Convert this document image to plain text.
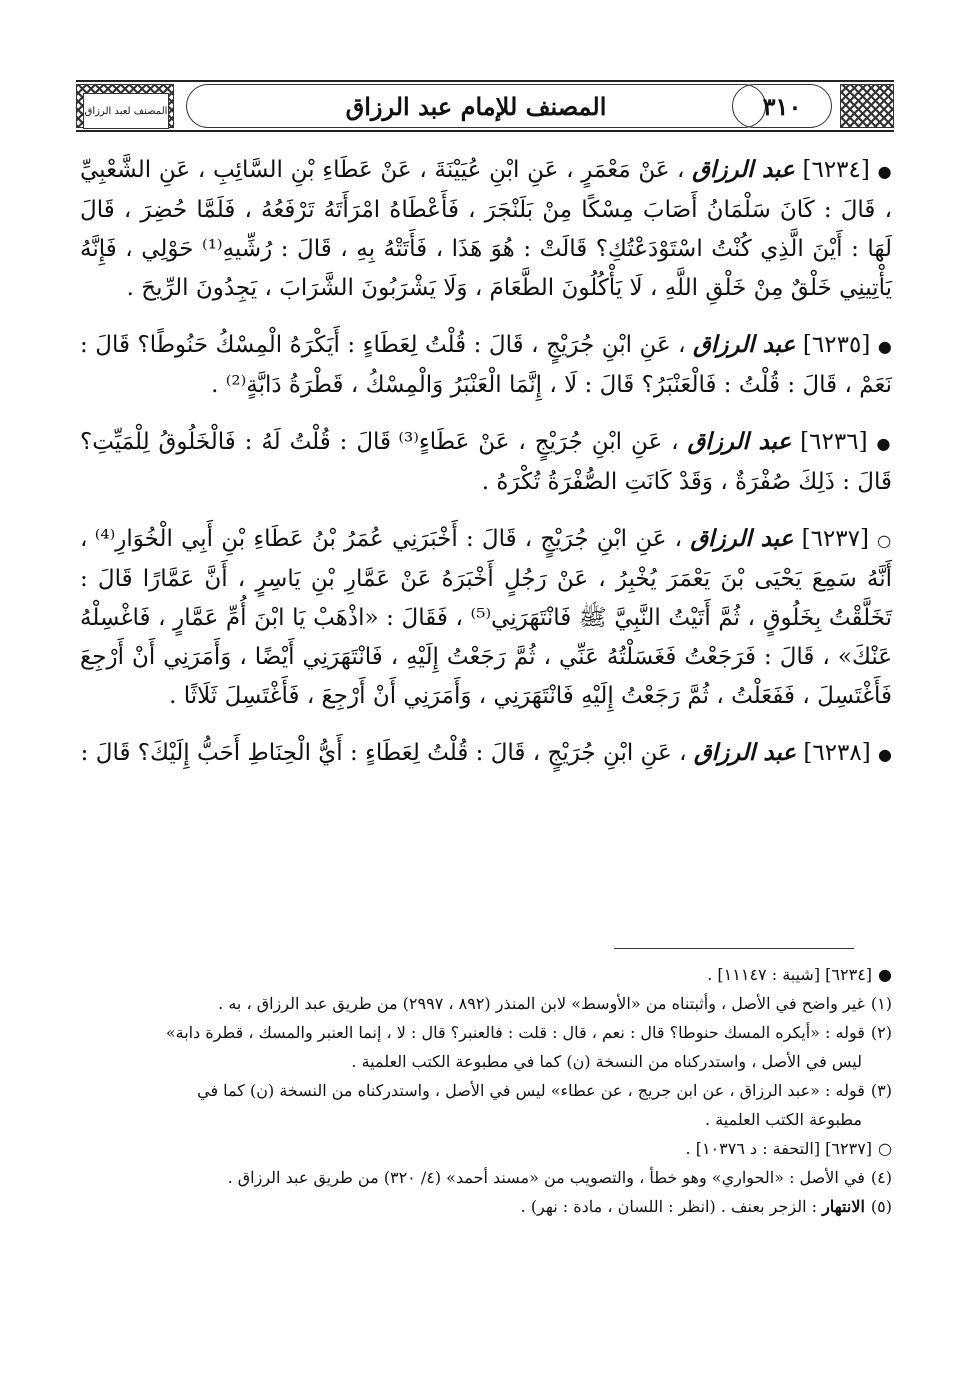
المصنف لعبد الرزاق	المصنف للإمام عبد الرزاق	٣١٠

● [٦٢٣٤] عبد الرزاق ، عَنْ مَعْمَرٍ ، عَنِ ابْنِ عُيَيْنَةَ ، عَنْ عَطَاءِ بْنِ السَّائِبِ ، عَنِ الشَّعْبِيِّ ، قَالَ : كَانَ سَلْمَانُ أَصَابَ مِسْكًا مِنْ بَلَنْجَرَ ، فَأَعْطَاهُ امْرَأَتَهُ تَرْفَعُهُ ، فَلَمَّا حُضِرَ ، قَالَ لَهَا : أَيْنَ الَّذِي كُنْتُ اسْتَوْدَعْتُكِ؟ قَالَتْ : هُوَ هَذَا ، فَأَتَتْهُ بِهِ ، قَالَ : رُشِّيهِ⁽¹⁾ حَوْلِي ، فَإِنَّهُ يَأْتِينِي خَلْقٌ مِنْ خَلْقِ اللَّهِ ، لَا يَأْكُلُونَ الطَّعَامَ ، وَلَا يَشْرَبُونَ الشَّرَابَ ، يَجِدُونَ الرِّيحَ .

● [٦٢٣٥] عبد الرزاق ، عَنِ ابْنِ جُرَيْجٍ ، قَالَ : قُلْتُ لِعَطَاءٍ : أَيَكْرَهُ الْمِسْكُ حَنُوطًا؟ قَالَ : نَعَمْ ، قَالَ : قُلْتُ : فَالْعَنْبَرُ؟ قَالَ : لَا ، إِنَّمَا الْعَنْبَرُ وَالْمِسْكُ ، قَطْرَةُ دَابَّةٍ⁽²⁾ .

● [٦٢٣٦] عبد الرزاق ، عَنِ ابْنِ جُرَيْجٍ ، عَنْ عَطَاءٍ⁽³⁾ قَالَ : قُلْتُ لَهُ : فَالْخَلُوقُ لِلْمَيِّتِ؟ قَالَ : ذَلِكَ صُفْرَةٌ ، وَقَدْ كَانَتِ الصُّفْرَةُ تُكْرَهُ .

○ [٦٢٣٧] عبد الرزاق ، عَنِ ابْنِ جُرَيْجٍ ، قَالَ : أَخْبَرَنِي عُمَرُ بْنُ عَطَاءِ بْنِ أَبِي الْخُوَارِ⁽⁴⁾ ، أَنَّهُ سَمِعَ يَحْيَى بْنَ يَعْمَرَ يُخْبِرُ ، عَنْ رَجُلٍ أَخْبَرَهُ عَنْ عَمَّارِ بْنِ يَاسِرٍ ، أَنَّ عَمَّارًا قَالَ : تَخَلَّقْتُ بِخَلُوقٍ ، ثُمَّ أَتَيْتُ النَّبِيَّ ﷺ فَانْتَهَرَنِي⁽⁵⁾ ، فَقَالَ : «اذْهَبْ يَا ابْنَ أُمِّ عَمَّارٍ ، فَاغْسِلْهُ عَنْكَ» ، قَالَ : فَرَجَعْتُ فَغَسَلْتُهُ عَنِّي ، ثُمَّ رَجَعْتُ إِلَيْهِ ، فَانْتَهَرَنِي أَيْضًا ، وَأَمَرَنِي أَنْ أَرْجِعَ فَأَغْتَسِلَ ، فَفَعَلْتُ ، ثُمَّ رَجَعْتُ إِلَيْهِ فَانْتَهَرَنِي ، وَأَمَرَنِي أَنْ أَرْجِعَ ، فَأَغْتَسِلَ ثَلَاثًا .

● [٦٢٣٨] عبد الرزاق ، عَنِ ابْنِ جُرَيْجٍ ، قَالَ : قُلْتُ لِعَطَاءٍ : أَيُّ الْحِنَاطِ أَحَبُّ إِلَيْكَ؟ قَالَ :

●[٦٢٣٤] [شيبة : ١١١٤٧] .

(١)غير واضح في الأصل ، وأثبتناه من «الأوسط» لابن المنذر (٨٩٢ ، ٢٩٩٧) من طريق عبد الرزاق ، به .

(٢)قوله : «أيكره المسك حنوطا؟ قال : نعم ، قال : قلت : فالعنبر؟ قال : لا ، إنما العنبر والمسك ، قطرة دابة»
ليس في الأصل ، واستدركناه من النسخة (ن) كما في مطبوعة الكتب العلمية .

(٣)قوله : «عبد الرزاق ، عن ابن جريج ، عن عطاء» ليس في الأصل ، واستدركناه من النسخة (ن) كما في
مطبوعة الكتب العلمية .

○[٦٢٣٧] [التحفة : د ١٠٣٧٦] .

(٤)في الأصل : «الحواري» وهو خطأ ، والتصويب من «مسند أحمد» (٤/ ٣٢٠) من طريق عبد الرزاق .

(٥)الانتهار : الزجر بعنف . (انظر : اللسان ، مادة : نهر) .
